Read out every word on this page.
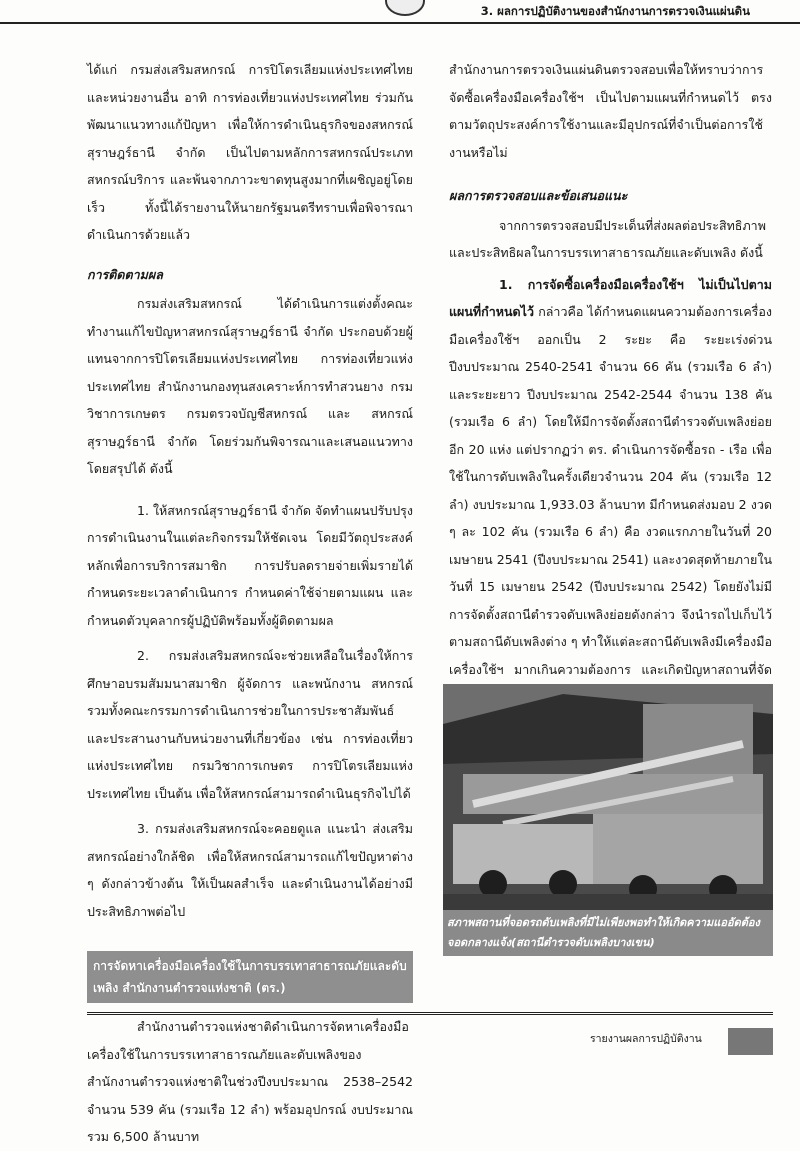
3. ผลการปฏิบัติงานของสำนักงานการตรวจเงินแผ่นดิน

ได้แก่ กรมส่งเสริมสหกรณ์ การปิโตรเลียมแห่งประเทศไทย และหน่วยงานอื่น อาทิ การท่องเที่ยวแห่งประเทศไทย ร่วมกันพัฒนาแนวทางแก้ปัญหา เพื่อให้การดำเนินธุรกิจของสหกรณ์สุราษฎร์ธานี จำกัด เป็นไปตามหลักการสหกรณ์ประเภทสหกรณ์บริการ และพ้นจากภาวะขาดทุนสูงมากที่เผชิญอยู่โดยเร็ว ทั้งนี้ได้รายงานให้นายกรัฐมนตรีทราบเพื่อพิจารณาดำเนินการด้วยแล้ว

การติดตามผล

กรมส่งเสริมสหกรณ์ ได้ดำเนินการแต่งตั้งคณะทำงานแก้ไขปัญหาสหกรณ์สุราษฎร์ธานี จำกัด ประกอบด้วยผู้แทนจากการปิโตรเลียมแห่งประเทศไทย การท่องเที่ยวแห่งประเทศไทย สำนักงานกองทุนสงเคราะห์การทำสวนยาง กรมวิชาการเกษตร กรมตรวจบัญชีสหกรณ์ และ สหกรณ์สุราษฎร์ธานี จำกัด โดยร่วมกันพิจารณาและเสนอแนวทางโดยสรุปได้ ดังนี้

1. ให้สหกรณ์สุราษฎร์ธานี จำกัด จัดทำแผนปรับปรุงการดำเนินงานในแต่ละกิจกรรมให้ชัดเจน โดยมีวัตถุประสงค์หลักเพื่อการบริการสมาชิก การปรับลดรายจ่ายเพิ่มรายได้ กำหนดระยะเวลาดำเนินการ กำหนดค่าใช้จ่ายตามแผน และกำหนดตัวบุคลากรผู้ปฏิบัติพร้อมทั้งผู้ติดตามผล

2. กรมส่งเสริมสหกรณ์จะช่วยเหลือในเรื่องให้การศึกษาอบรมสัมมนาสมาชิก ผู้จัดการ และพนักงาน สหกรณ์ รวมทั้งคณะกรรมการดำเนินการช่วยในการประชาสัมพันธ์และประสานงานกับหน่วยงานที่เกี่ยวข้อง เช่น การท่องเที่ยวแห่งประเทศไทย กรมวิชาการเกษตร การปิโตรเลียมแห่งประเทศไทย เป็นต้น เพื่อให้สหกรณ์สามารถดำเนินธุรกิจไปได้

3. กรมส่งเสริมสหกรณ์จะคอยดูแล แนะนำ ส่งเสริมสหกรณ์อย่างใกล้ชิด เพื่อให้สหกรณ์สามารถแก้ไขปัญหาต่าง ๆ ดังกล่าวข้างต้น ให้เป็นผลสำเร็จ และดำเนินงานได้อย่างมีประสิทธิภาพต่อไป

การจัดหาเครื่องมือเครื่องใช้ในการบรรเทาสาธารณภัยและดับเพลิง สำนักงานตำรวจแห่งชาติ (ตร.)

สำนักงานตำรวจแห่งชาติดำเนินการจัดหาเครื่องมือเครื่องใช้ในการบรรเทาสาธารณภัยและดับเพลิงของสำนักงานตำรวจแห่งชาติในช่วงปีงบประมาณ 2538–2542 จำนวน 539 คัน (รวมเรือ 12 ลำ) พร้อมอุปกรณ์ งบประมาณรวม 6,500 ล้านบาท

สำนักงานการตรวจเงินแผ่นดินตรวจสอบเพื่อให้ทราบว่าการจัดซื้อเครื่องมือเครื่องใช้ฯ เป็นไปตามแผนที่กำหนดไว้ ตรงตามวัตถุประสงค์การใช้งานและมีอุปกรณ์ที่จำเป็นต่อการใช้งานหรือไม่

ผลการตรวจสอบและข้อเสนอแนะ

จากการตรวจสอบมีประเด็นที่ส่งผลต่อประสิทธิภาพและประสิทธิผลในการบรรเทาสาธารณภัยและดับเพลิง ดังนี้

1. การจัดซื้อเครื่องมือเครื่องใช้ฯ ไม่เป็นไปตามแผนที่กำหนดไว้ กล่าวคือ ได้กำหนดแผนความต้องการเครื่องมือเครื่องใช้ฯ ออกเป็น 2 ระยะ คือ ระยะเร่งด่วน ปีงบประมาณ 2540-2541 จำนวน 66 คัน (รวมเรือ 6 ลำ) และระยะยาว ปีงบประมาณ 2542-2544 จำนวน 138 คัน (รวมเรือ 6 ลำ) โดยให้มีการจัดตั้งสถานีตำรวจดับเพลิงย่อยอีก 20 แห่ง แต่ปรากฏว่า ตร. ดำเนินการจัดซื้อรถ - เรือ เพื่อใช้ในการดับเพลิงในครั้งเดียวจำนวน 204 คัน (รวมเรือ 12 ลำ) งบประมาณ 1,933.03 ล้านบาท มีกำหนดส่งมอบ 2 งวด ๆ ละ 102 คัน (รวมเรือ 6 ลำ) คือ งวดแรกภายในวันที่ 20 เมษายน 2541 (ปีงบประมาณ 2541) และงวดสุดท้ายภายในวันที่ 15 เมษายน 2542 (ปีงบประมาณ 2542) โดยยังไม่มีการจัดตั้งสถานีตำรวจดับเพลิงย่อยดังกล่าว จึงนำรถไปเก็บไว้ตามสถานีดับเพลิงต่าง ๆ ทำให้แต่ละสถานีดับเพลิงมีเครื่องมือเครื่องใช้ฯ มากเกินความต้องการ และเกิดปัญหาสถานที่จัด

สภาพสถานที่จอดรถดับเพลิงที่มีไม่เพียงพอทำให้เกิดความแออัดต้องจอดกลางแจ้ง(สถานีตำรวจดับเพลิงบางเขน)
รายงานผลการปฏิบัติงาน
